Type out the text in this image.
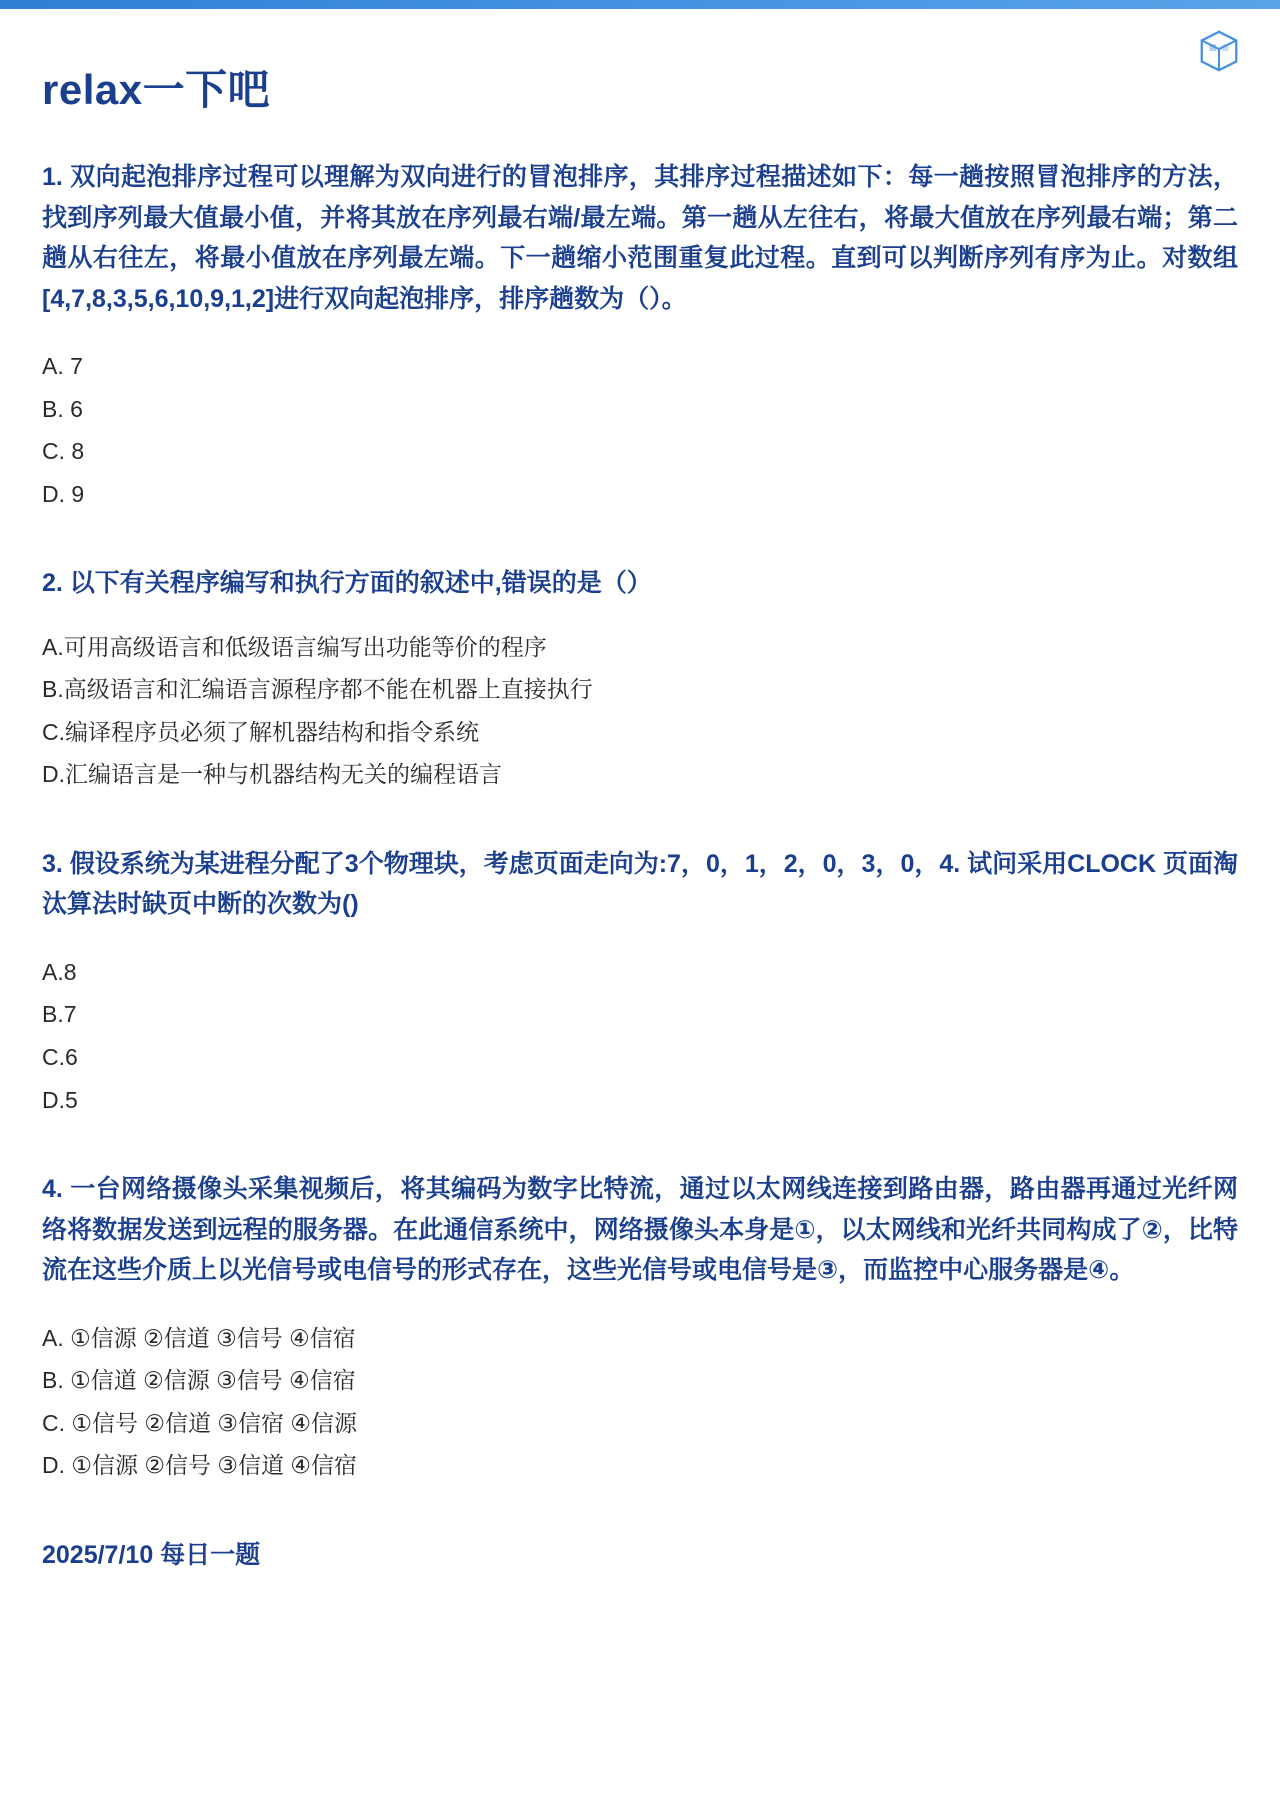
relax一下吧

1. 双向起泡排序过程可以理解为双向进行的冒泡排序，其排序过程描述如下：每一趟按照冒泡排序的方法，找到序列最大值最小值，并将其放在序列最右端/最左端。第一趟从左往右，将最大值放在序列最右端；第二趟从右往左，将最小值放在序列最左端。下一趟缩小范围重复此过程。直到可以判断序列有序为止。对数组[4,7,8,3,5,6,10,9,1,2]进行双向起泡排序，排序趟数为（）。

A. 7
B. 6
C. 8
D. 9

2. 以下有关程序编写和执行方面的叙述中,错误的是（）

A.可用高级语言和低级语言编写出功能等价的程序
B.高级语言和汇编语言源程序都不能在机器上直接执行
C.编译程序员必须了解机器结构和指令系统
D.汇编语言是一种与机器结构无关的编程语言

3. 假设系统为某进程分配了3个物理块，考虑页面走向为:7，0，1，2，0，3，0，4. 试问采用CLOCK 页面淘汰算法时缺页中断的次数为()

A.8
B.7
C.6
D.5

4. 一台网络摄像头采集视频后，将其编码为数字比特流，通过以太网线连接到路由器，路由器再通过光纤网络将数据发送到远程的服务器。在此通信系统中，网络摄像头本身是①，以太网线和光纤共同构成了②，比特流在这些介质上以光信号或电信号的形式存在，这些光信号或电信号是③，而监控中心服务器是④。

A. ①信源 ②信道 ③信号 ④信宿
B. ①信道 ②信源 ③信号 ④信宿
C. ①信号 ②信道 ③信宿 ④信源
D. ①信源 ②信号 ③信道 ④信宿
2025/7/10 每日一题
